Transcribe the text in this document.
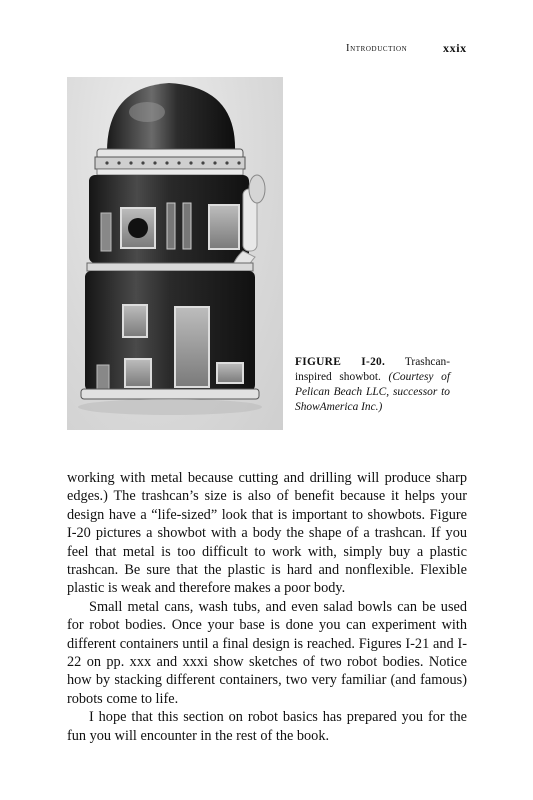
Introduction	xxix
FIGURE I-20. Trashcan-inspired showbot. (Courtesy of Pelican Beach LLC, successor to ShowAmerica Inc.)

working with metal because cutting and drilling will produce sharp edges.) The trashcan’s size is also of benefit because it helps your design have a “life-sized” look that is important to showbots. Figure I-20 pictures a showbot with a body the shape of a trashcan. If you feel that metal is too difficult to work with, simply buy a plastic trashcan. Be sure that the plastic is hard and nonflexible. Flexible plastic is weak and therefore makes a poor body.

Small metal cans, wash tubs, and even salad bowls can be used for robot bodies. Once your base is done you can experiment with different containers until a final design is reached. Figures I-21 and I-22 on pp. xxx and xxxi show sketches of two robot bodies. Notice how by stacking different containers, two very familiar (and famous) robots come to life.

I hope that this section on robot basics has prepared you for the fun you will encounter in the rest of the book.
